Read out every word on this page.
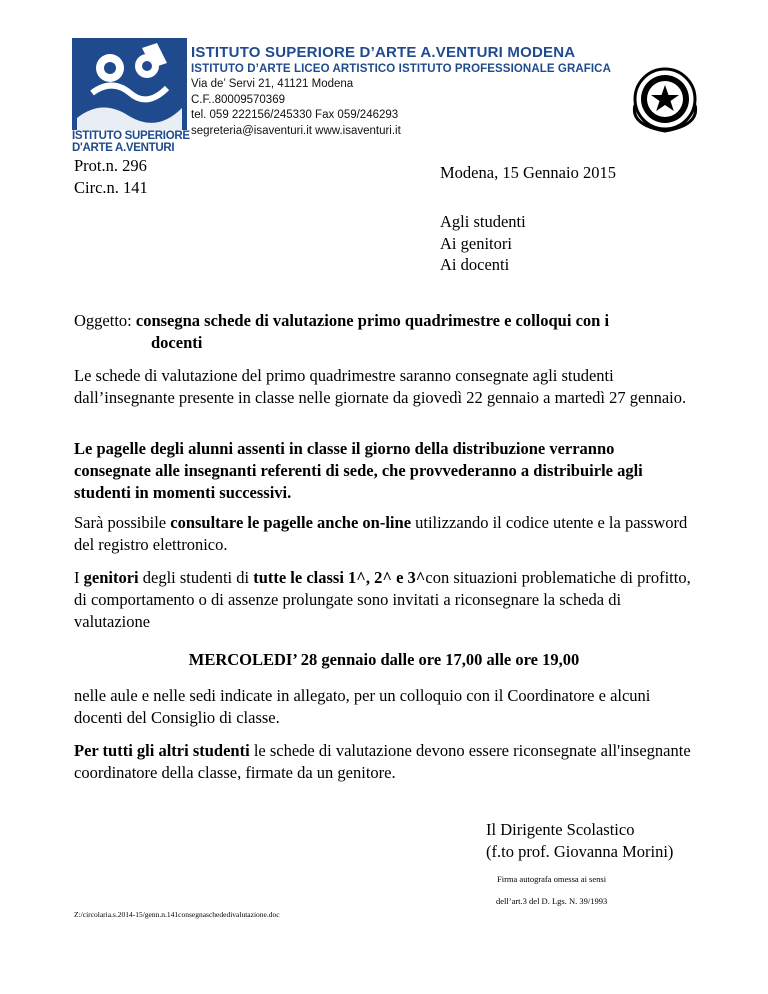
ISTITUTO SUPERIORE
D'ARTE A.VENTURI
ISTITUTO SUPERIORE D’ARTE A.VENTURI MODENA
ISTITUTO D’ARTE LICEO ARTISTICO ISTITUTO PROFESSIONALE GRAFICA
Via de’ Servi 21, 41121 Modena
C.F..80009570369
tel. 059 222156/245330 Fax 059/246293
segreteria@isaventuri.it www.isaventuri.it
Prot.n. 296
Circ.n. 141
Modena, 15 Gennaio 2015
Agli studenti
Ai genitori
Ai docenti
Oggetto: consegna schede di valutazione primo quadrimestre e colloqui con i
docenti
Le schede di valutazione del primo quadrimestre saranno consegnate agli studenti dall’insegnante presente in classe nelle giornate da giovedì 22 gennaio a martedì 27 gennaio.
Le pagelle degli alunni assenti in classe il giorno della distribuzione verranno consegnate alle insegnanti referenti di sede, che provvederanno a distribuirle agli studenti in momenti successivi.
Sarà possibile consultare le pagelle anche on-line utilizzando il codice utente e la password del registro elettronico.
I genitori degli studenti di tutte le classi 1^, 2^ e 3^con situazioni problematiche di profitto, di comportamento o di assenze prolungate sono invitati a riconsegnare la scheda di valutazione
MERCOLEDI’ 28 gennaio dalle ore 17,00 alle ore 19,00
nelle aule e nelle sedi indicate in allegato, per un colloquio con il Coordinatore e alcuni docenti del Consiglio di classe.
Per tutti gli altri studenti le schede di valutazione devono essere riconsegnate all'insegnante coordinatore della classe, firmate da un genitore.
Il Dirigente Scolastico
(f.to prof. Giovanna Morini)
Firma autografa omessa ai sensi
dell’art.3 del D. Lgs. N. 39/1993
Z:/circolaria.s.2014-15/genn.n.141consegnaschededivalutazione.doc
